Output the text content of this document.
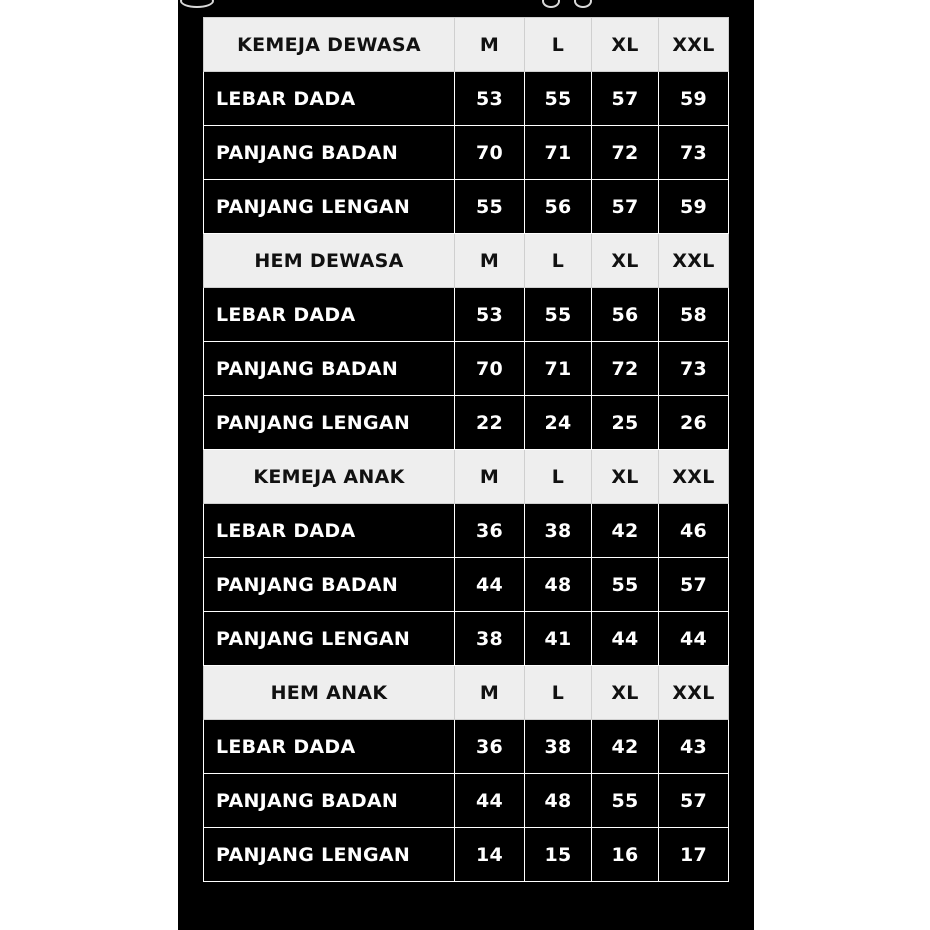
KEMEJA DEWASA	M	L	XL	XXL
LEBAR DADA	53	55	57	59
PANJANG BADAN	70	71	72	73
PANJANG LENGAN	55	56	57	59
HEM DEWASA	M	L	XL	XXL
LEBAR DADA	53	55	56	58
PANJANG BADAN	70	71	72	73
PANJANG LENGAN	22	24	25	26
KEMEJA ANAK	M	L	XL	XXL
LEBAR DADA	36	38	42	46
PANJANG BADAN	44	48	55	57
PANJANG LENGAN	38	41	44	44
HEM ANAK	M	L	XL	XXL
LEBAR DADA	36	38	42	43
PANJANG BADAN	44	48	55	57
PANJANG LENGAN	14	15	16	17
